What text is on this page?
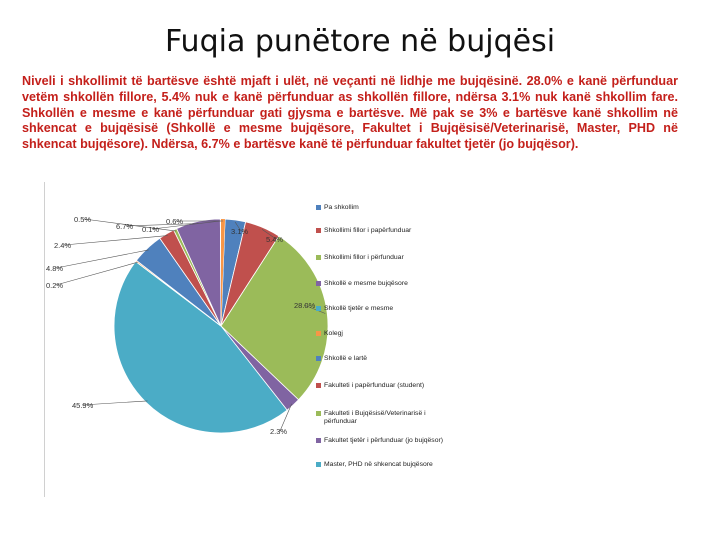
Fuqia punëtore në bujqësi
Niveli i shkollimit të bartësve është mjaft i ulët, në veçanti në lidhje me bujqësinë. 28.0% e kanë përfunduar vetëm shkollën fillore, 5.4% nuk e kanë përfunduar as shkollën fillore, ndërsa 3.1% nuk kanë shkollim fare. Shkollën e mesme e kanë përfunduar gati gjysma e bartësve. Më pak se 3% e bartësve kanë shkollim në shkencat e bujqësisë (Shkollë e mesme bujqësore, Fakultet i Bujqësisë/Veterinarisë, Master, PHD në shkencat bujqësore). Ndërsa, 6.7% e bartësve kanë të përfunduar fakultet tjetër (jo bujqësor).
3.1%
5.4%
28.0%
2.3%
45.9%
0.2%
4.8%
2.4%
0.5%
6.7% 0.1%
0.6%
Pa shkollim
Shkollimi fillor i papërfunduar
Shkollimi fillor i përfunduar
Shkollë e mesme bujqësore
Shkollë tjetër e mesme
Kolegj
Shkollë e lartë
Fakulteti i papërfunduar (student)
Fakulteti i Bujqësisë/Veterinarisë i përfunduar
Fakultet tjetër i përfunduar (jo bujqësor)
Master, PHD në shkencat bujqësore
